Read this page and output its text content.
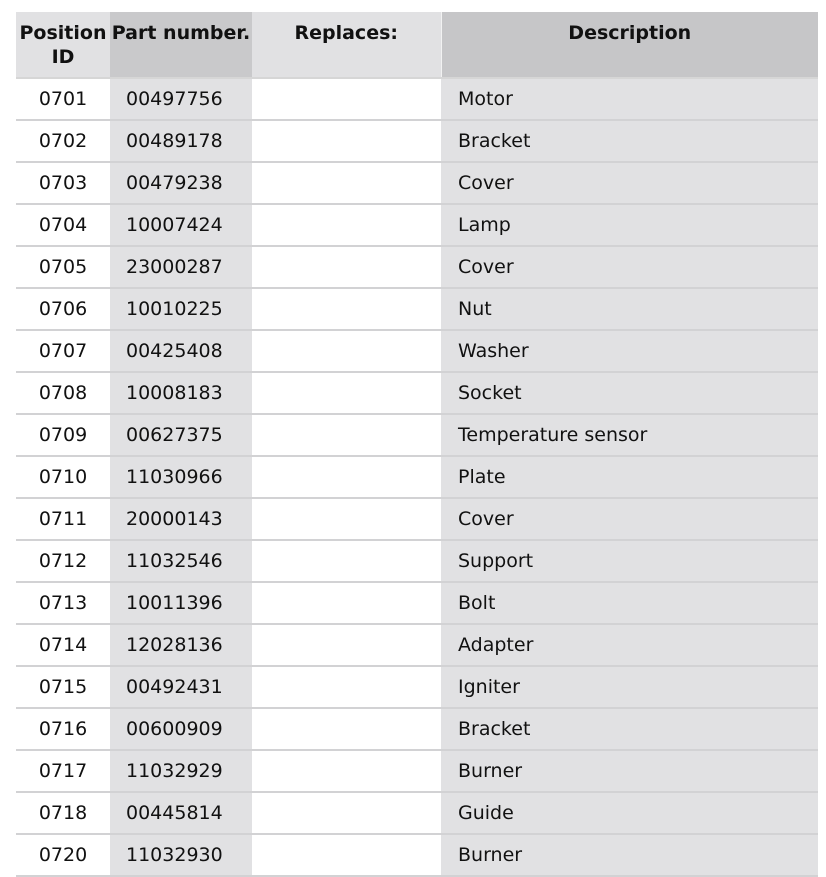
Position ID	Part number.	Replaces:	Description
0701	00497756		Motor
0702	00489178		Bracket
0703	00479238		Cover
0704	10007424		Lamp
0705	23000287		Cover
0706	10010225		Nut
0707	00425408		Washer
0708	10008183		Socket
0709	00627375		Temperature sensor
0710	11030966		Plate
0711	20000143		Cover
0712	11032546		Support
0713	10011396		Bolt
0714	12028136		Adapter
0715	00492431		Igniter
0716	00600909		Bracket
0717	11032929		Burner
0718	00445814		Guide
0720	11032930		Burner
